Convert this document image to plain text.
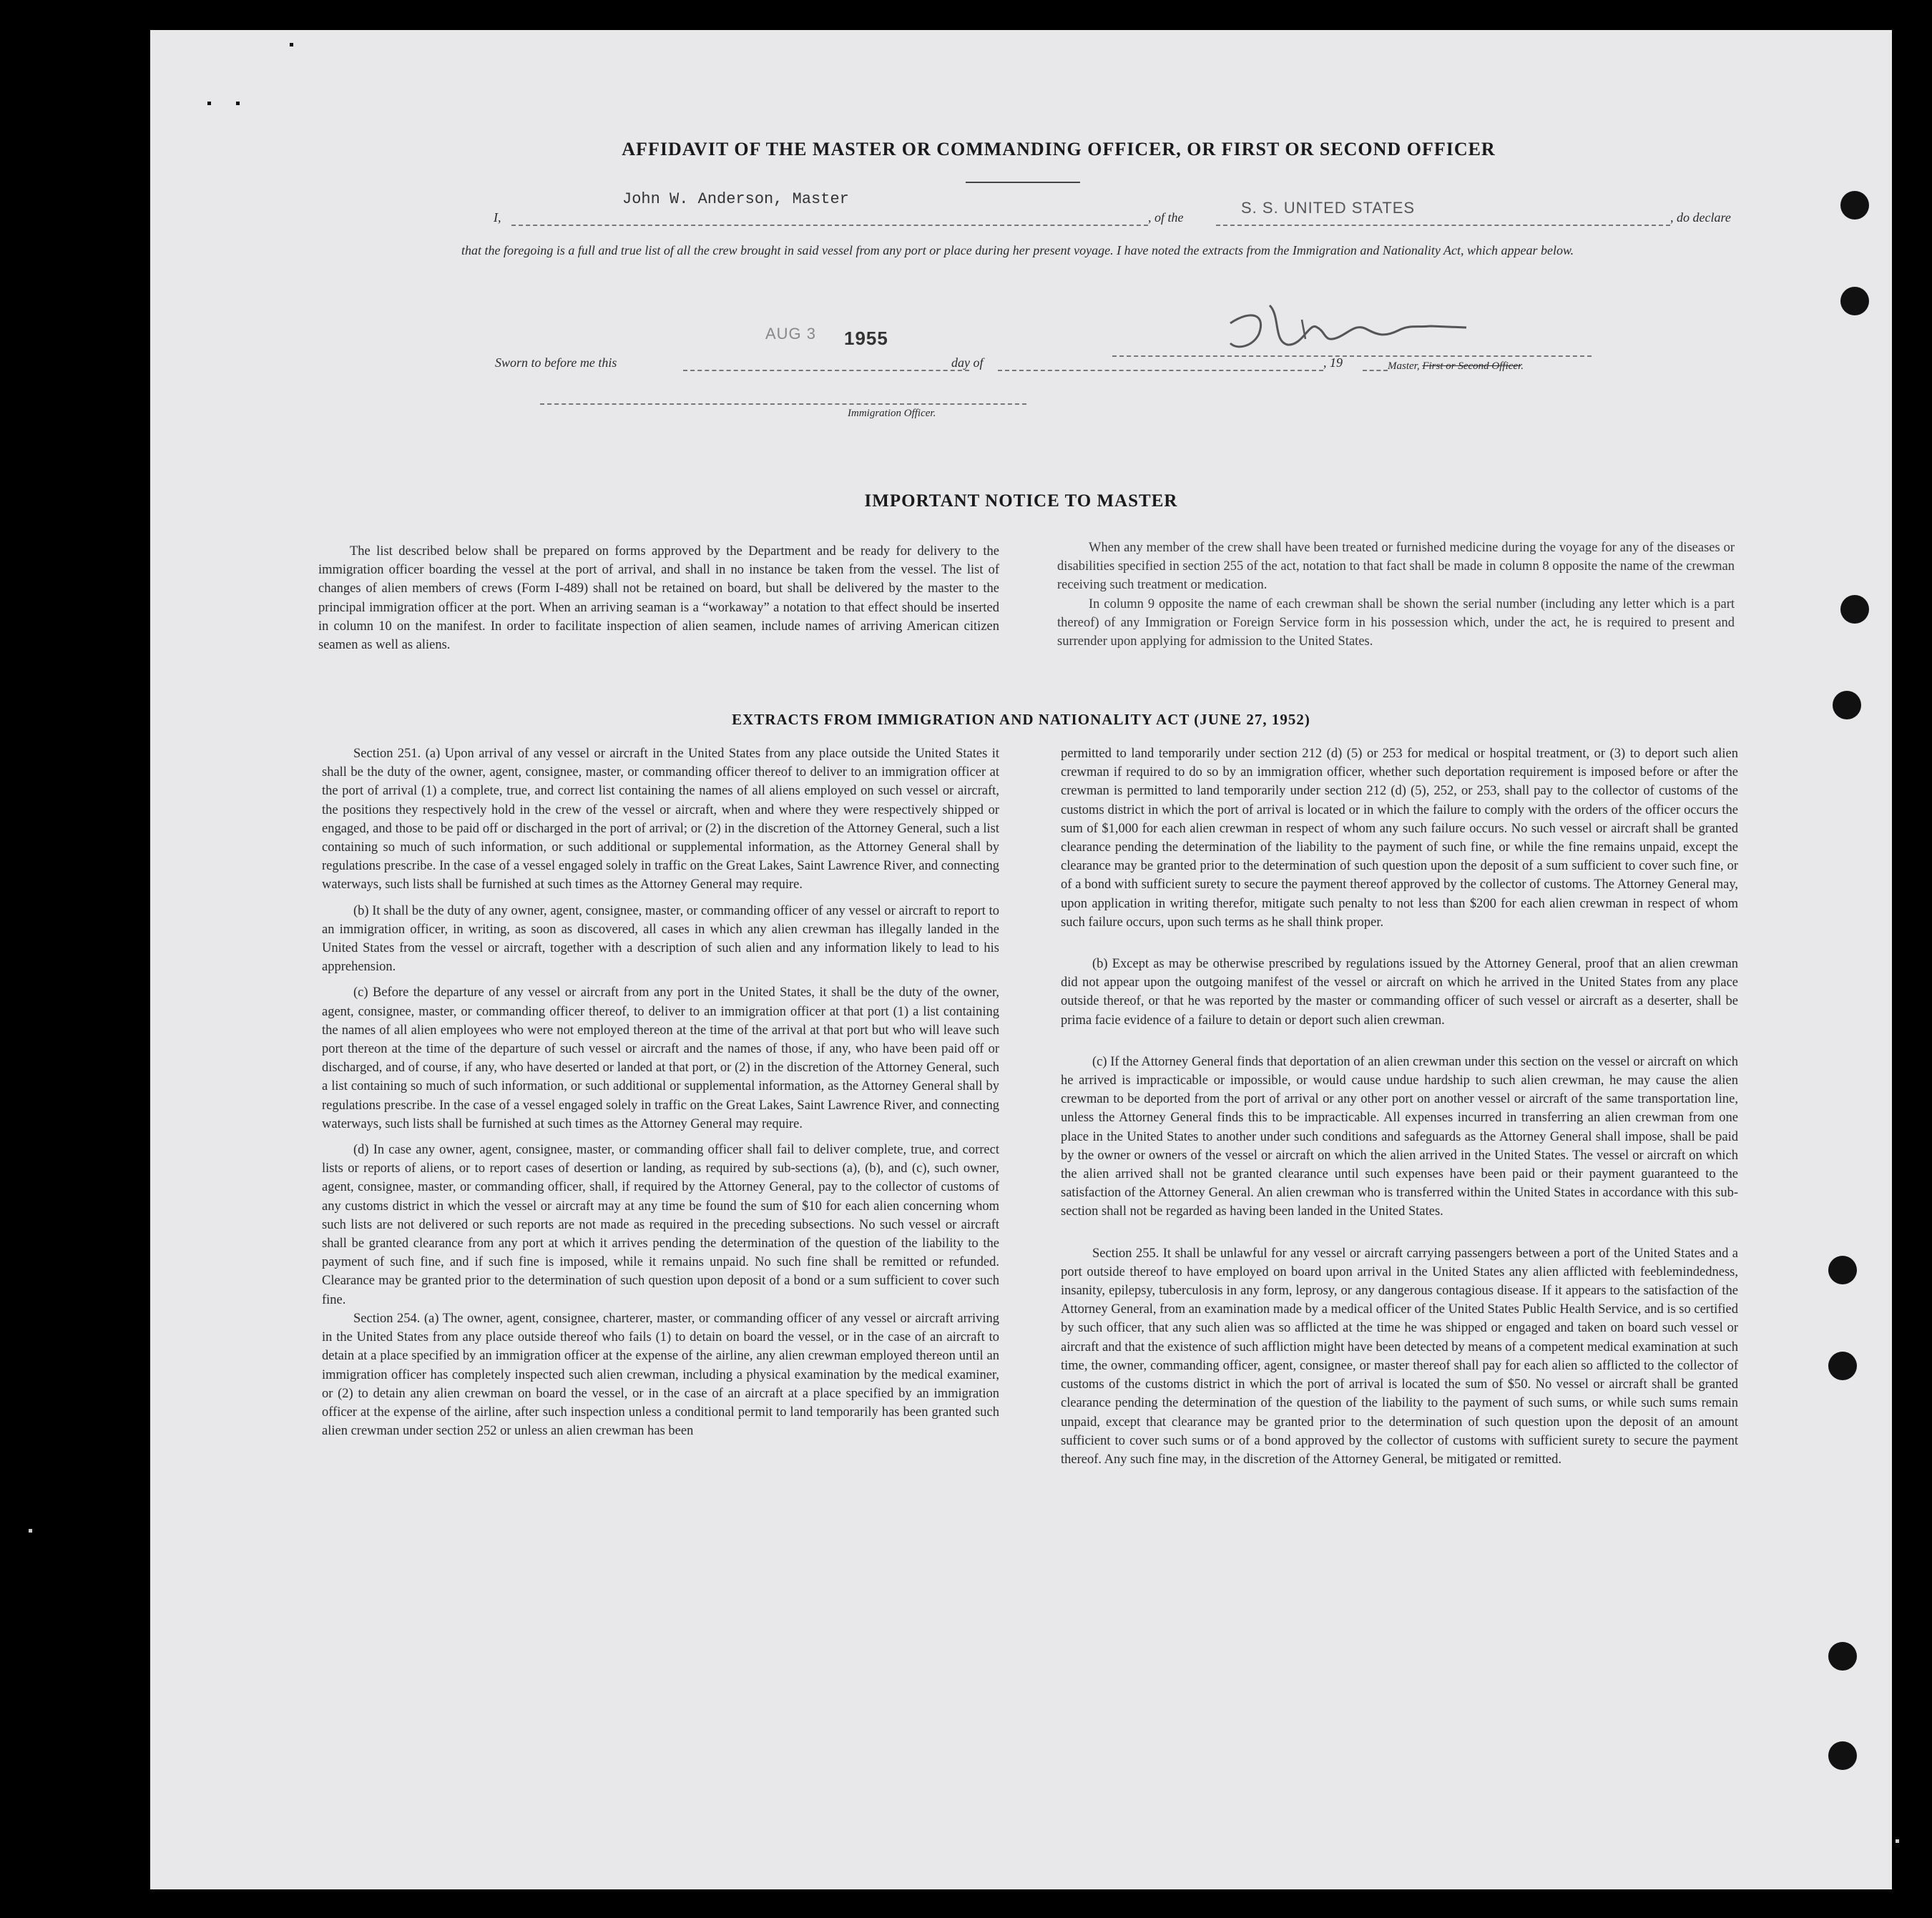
AFFIDAVIT OF THE MASTER OR COMMANDING OFFICER, OR FIRST OR SECOND OFFICER
I,
John W. Anderson, Master
, of the
S. S. UNITED STATES
, do declare
that the foregoing is a full and true list of all the crew brought in said vessel from any port or place during her present voyage. I have noted the extracts from the Immigration and Nationality Act, which appear below.
AUG 3 1955
Master, First or Second Officer.
Sworn to before me this	day of	, 19
Immigration Officer.
IMPORTANT NOTICE TO MASTER

The list described below shall be prepared on forms approved by the Department and be ready for delivery to the immigration officer boarding the vessel at the port of arrival, and shall in no instance be taken from the vessel. The list of changes of alien members of crews (Form I-489) shall not be retained on board, but shall be delivered by the master to the principal immigration officer at the port. When an arriving seaman is a “workaway” a notation to that effect should be inserted in column 10 on the manifest. In order to facilitate inspection of alien seamen, include names of arriving American citizen seamen as well as aliens.

When any member of the crew shall have been treated or furnished medicine during the voyage for any of the diseases or disabilities specified in section 255 of the act, notation to that fact shall be made in column 8 opposite the name of the crewman receiving such treatment or medication.

In column 9 opposite the name of each crewman shall be shown the serial number (including any letter which is a part thereof) of any Immigration or Foreign Service form in his possession which, under the act, he is required to present and surrender upon applying for admission to the United States.

EXTRACTS FROM IMMIGRATION AND NATIONALITY ACT (JUNE 27, 1952)

Section 251. (a) Upon arrival of any vessel or aircraft in the United States from any place outside the United States it shall be the duty of the owner, agent, consignee, master, or commanding officer thereof to deliver to an immigration officer at the port of arrival (1) a complete, true, and correct list containing the names of all aliens employed on such vessel or aircraft, the positions they respectively hold in the crew of the vessel or aircraft, when and where they were respectively shipped or engaged, and those to be paid off or discharged in the port of arrival; or (2) in the discretion of the Attorney General, such a list containing so much of such information, or such additional or supplemental information, as the Attorney General shall by regulations prescribe. In the case of a vessel engaged solely in traffic on the Great Lakes, Saint Lawrence River, and connecting waterways, such lists shall be furnished at such times as the Attorney General may require.

(b) It shall be the duty of any owner, agent, consignee, master, or commanding officer of any vessel or aircraft to report to an immigration officer, in writing, as soon as discovered, all cases in which any alien crewman has illegally landed in the United States from the vessel or aircraft, together with a description of such alien and any information likely to lead to his apprehension.

(c) Before the departure of any vessel or aircraft from any port in the United States, it shall be the duty of the owner, agent, consignee, master, or commanding officer thereof, to deliver to an immigration officer at that port (1) a list containing the names of all alien employees who were not employed thereon at the time of the arrival at that port but who will leave such port thereon at the time of the departure of such vessel or aircraft and the names of those, if any, who have been paid off or discharged, and of course, if any, who have deserted or landed at that port, or (2) in the discretion of the Attorney General, such a list containing so much of such information, or such additional or supplemental information, as the Attorney General shall by regulations prescribe. In the case of a vessel engaged solely in traffic on the Great Lakes, Saint Lawrence River, and connecting waterways, such lists shall be furnished at such times as the Attorney General may require.

(d) In case any owner, agent, consignee, master, or commanding officer shall fail to deliver complete, true, and correct lists or reports of aliens, or to report cases of desertion or landing, as required by sub-sections (a), (b), and (c), such owner, agent, consignee, master, or commanding officer, shall, if required by the Attorney General, pay to the collector of customs of any customs district in which the vessel or aircraft may at any time be found the sum of $10 for each alien concerning whom such lists are not delivered or such reports are not made as required in the preceding subsections. No such vessel or aircraft shall be granted clearance from any port at which it arrives pending the determination of the question of the liability to the payment of such fine, and if such fine is imposed, while it remains unpaid. No such fine shall be remitted or refunded. Clearance may be granted prior to the determination of such question upon deposit of a bond or a sum sufficient to cover such fine.

Section 254. (a) The owner, agent, consignee, charterer, master, or commanding officer of any vessel or aircraft arriving in the United States from any place outside thereof who fails (1) to detain on board the vessel, or in the case of an aircraft to detain at a place specified by an immigration officer at the expense of the airline, any alien crewman employed thereon until an immigration officer has completely inspected such alien crewman, including a physical examination by the medical examiner, or (2) to detain any alien crewman on board the vessel, or in the case of an aircraft at a place specified by an immigration officer at the expense of the airline, after such inspection unless a conditional permit to land temporarily has been granted such alien crewman under section 252 or unless an alien crewman has been

permitted to land temporarily under section 212 (d) (5) or 253 for medical or hospital treatment, or (3) to deport such alien crewman if required to do so by an immigration officer, whether such deportation requirement is imposed before or after the crewman is permitted to land temporarily under section 212 (d) (5), 252, or 253, shall pay to the collector of customs of the customs district in which the port of arrival is located or in which the failure to comply with the orders of the officer occurs the sum of $1,000 for each alien crewman in respect of whom any such failure occurs. No such vessel or aircraft shall be granted clearance pending the determination of the liability to the payment of such fine, or while the fine remains unpaid, except the clearance may be granted prior to the determination of such question upon the deposit of a sum sufficient to cover such fine, or of a bond with sufficient surety to secure the payment thereof approved by the collector of customs. The Attorney General may, upon application in writing therefor, mitigate such penalty to not less than $200 for each alien crewman in respect of whom such failure occurs, upon such terms as he shall think proper.

(b) Except as may be otherwise prescribed by regulations issued by the Attorney General, proof that an alien crewman did not appear upon the outgoing manifest of the vessel or aircraft on which he arrived in the United States from any place outside thereof, or that he was reported by the master or commanding officer of such vessel or aircraft as a deserter, shall be prima facie evidence of a failure to detain or deport such alien crewman.

(c) If the Attorney General finds that deportation of an alien crewman under this section on the vessel or aircraft on which he arrived is impracticable or impossible, or would cause undue hardship to such alien crewman, he may cause the alien crewman to be deported from the port of arrival or any other port on another vessel or aircraft of the same transportation line, unless the Attorney General finds this to be impracticable. All expenses incurred in transferring an alien crewman from one place in the United States to another under such conditions and safeguards as the Attorney General shall impose, shall be paid by the owner or owners of the vessel or aircraft on which the alien arrived in the United States. The vessel or aircraft on which the alien arrived shall not be granted clearance until such expenses have been paid or their payment guaranteed to the satisfaction of the Attorney General. An alien crewman who is transferred within the United States in accordance with this sub-section shall not be regarded as having been landed in the United States.

Section 255. It shall be unlawful for any vessel or aircraft carrying passengers between a port of the United States and a port outside thereof to have employed on board upon arrival in the United States any alien afflicted with feeblemindedness, insanity, epilepsy, tuberculosis in any form, leprosy, or any dangerous contagious disease. If it appears to the satisfaction of the Attorney General, from an examination made by a medical officer of the United States Public Health Service, and is so certified by such officer, that any such alien was so afflicted at the time he was shipped or engaged and taken on board such vessel or aircraft and that the existence of such affliction might have been detected by means of a competent medical examination at such time, the owner, commanding officer, agent, consignee, or master thereof shall pay for each alien so afflicted to the collector of customs of the customs district in which the port of arrival is located the sum of $50. No vessel or aircraft shall be granted clearance pending the determination of the question of the liability to the payment of such sums, or while such sums remain unpaid, except that clearance may be granted prior to the determination of such question upon the deposit of an amount sufficient to cover such sums or of a bond approved by the collector of customs with sufficient surety to secure the payment thereof. Any such fine may, in the discretion of the Attorney General, be mitigated or remitted.
